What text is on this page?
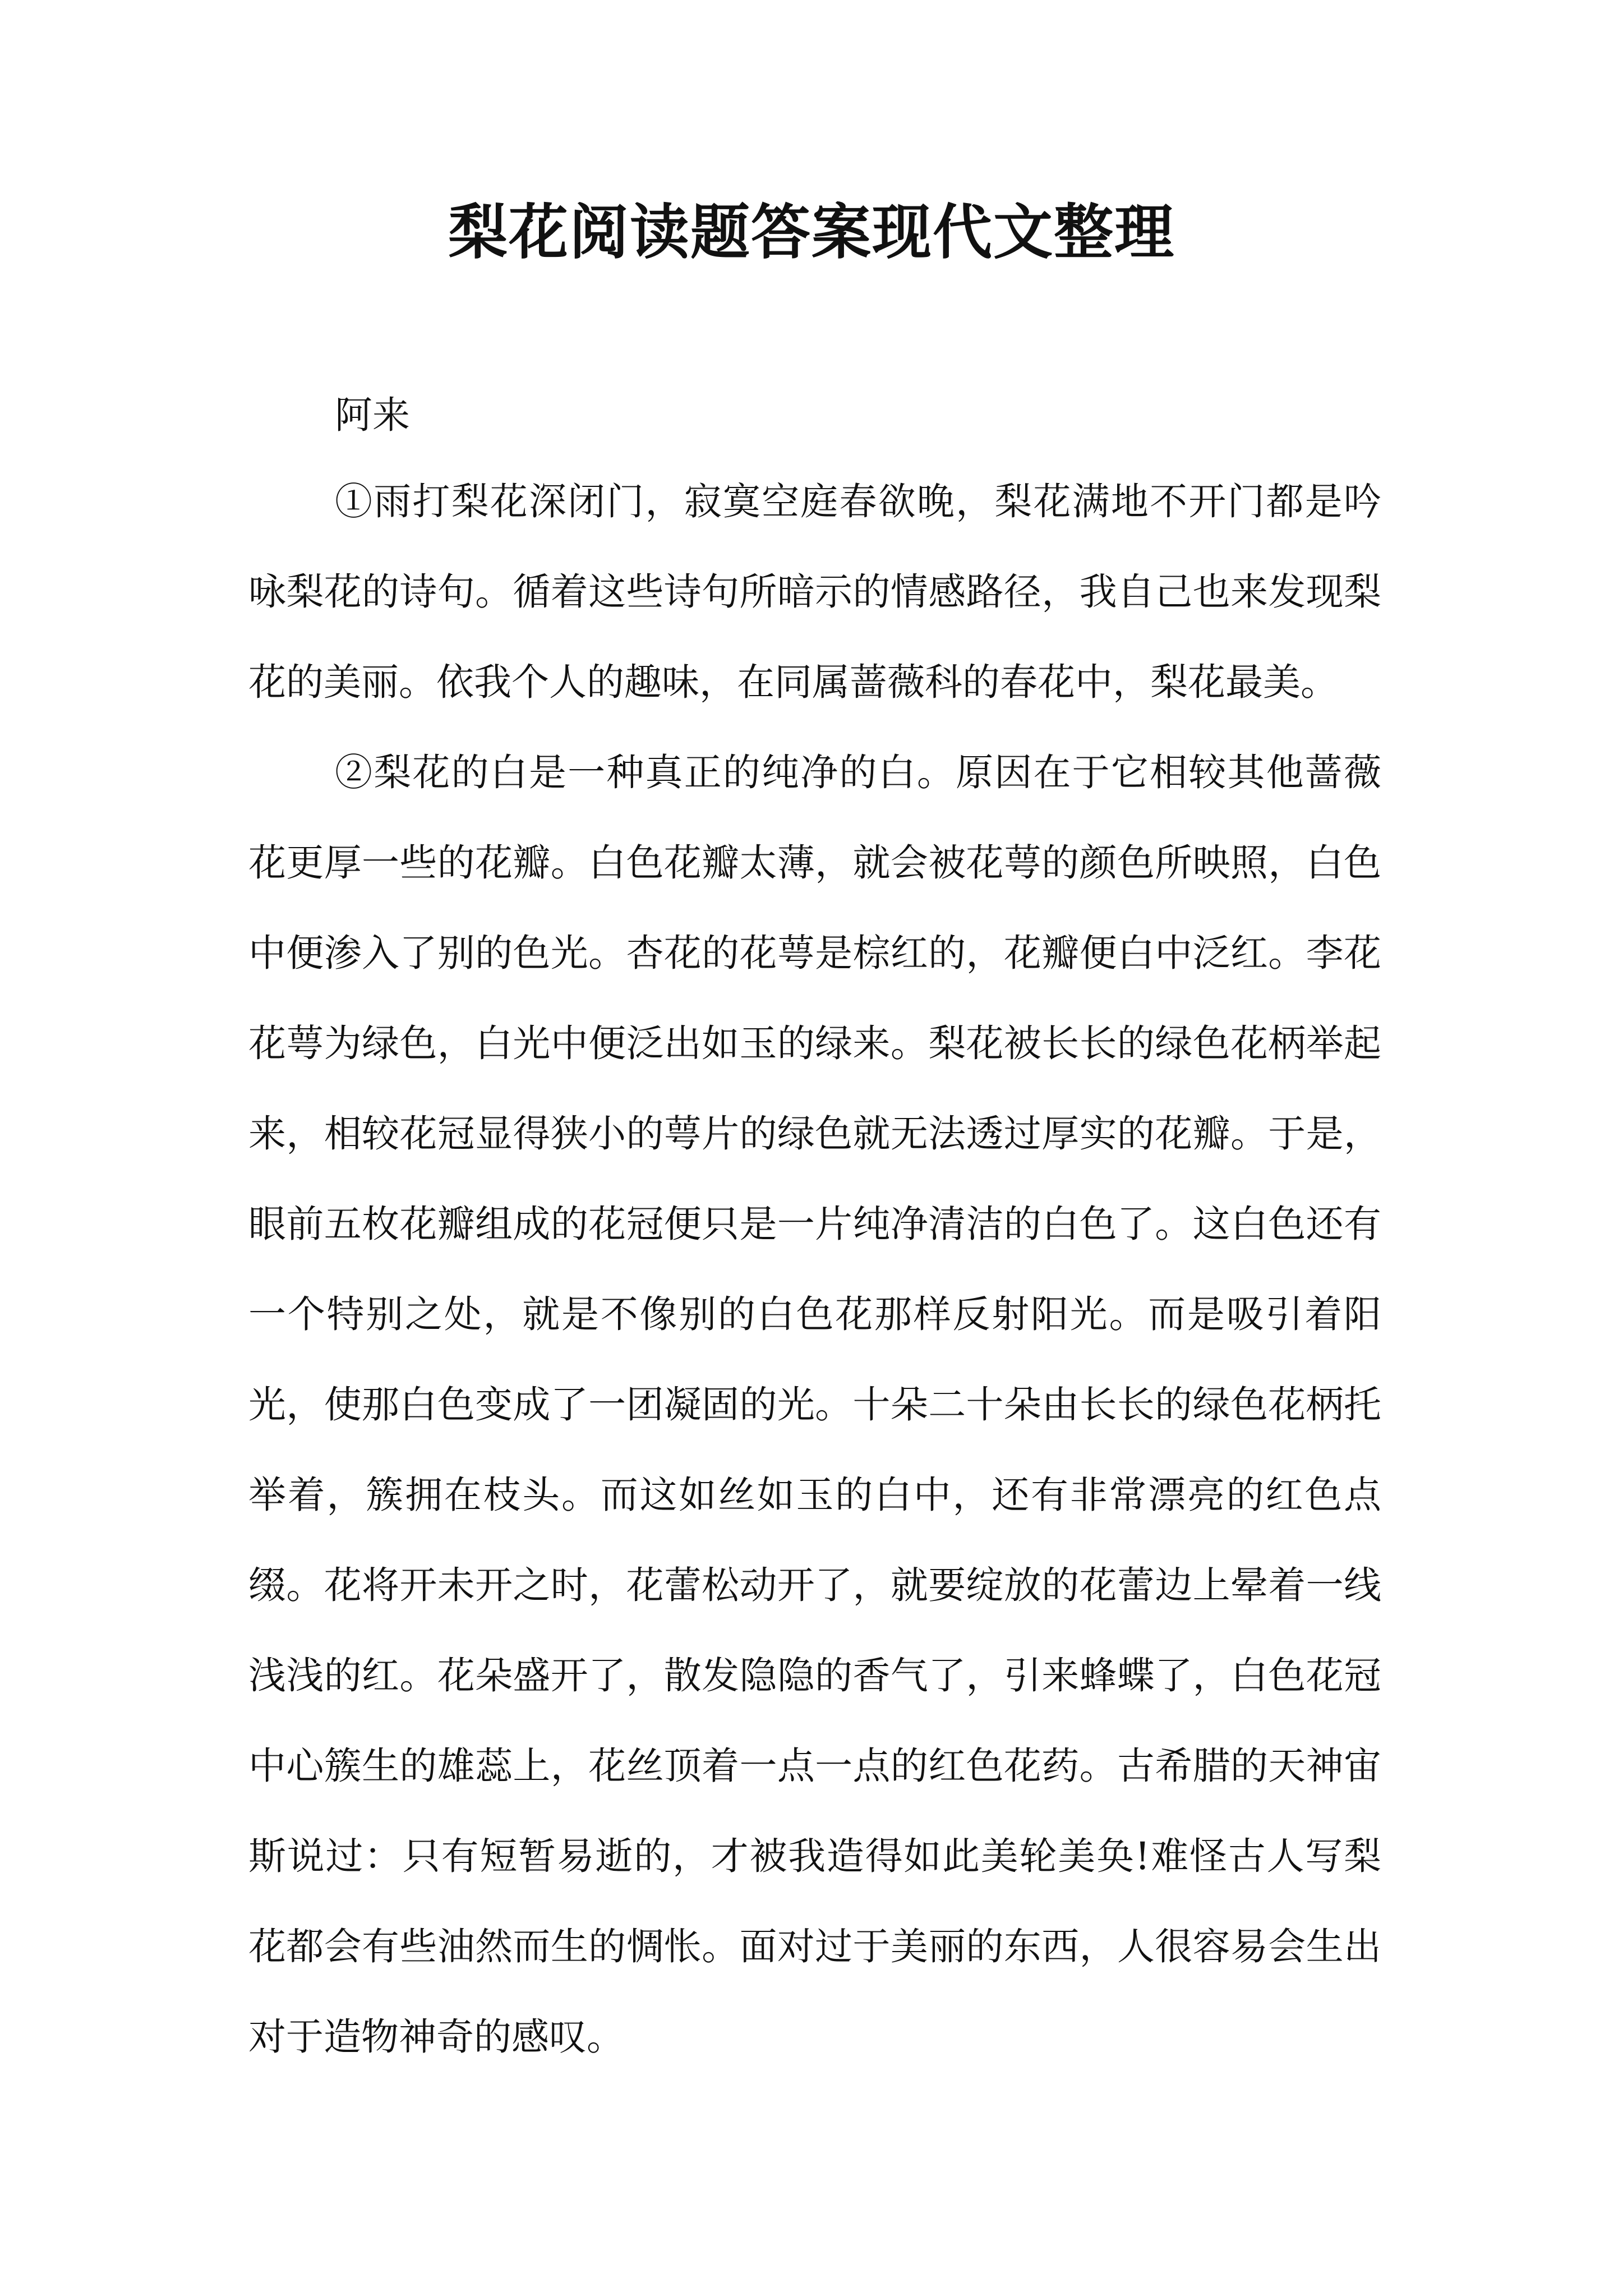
梨花阅读题答案现代文整理

阿来

①雨打梨花深闭门，寂寞空庭春欲晚，梨花满地不开门都是吟咏梨花的诗句。循着这些诗句所暗示的情感路径，我自己也来发现梨花的美丽。依我个人的趣味，在同属蔷薇科的春花中，梨花最美。

②梨花的白是一种真正的纯净的白。原因在于它相较其他蔷薇花更厚一些的花瓣。白色花瓣太薄，就会被花萼的颜色所映照，白色中便渗入了别的色光。杏花的花萼是棕红的，花瓣便白中泛红。李花花萼为绿色，白光中便泛出如玉的绿来。梨花被长长的绿色花柄举起来，相较花冠显得狭小的萼片的绿色就无法透过厚实的花瓣。于是，眼前五枚花瓣组成的花冠便只是一片纯净清洁的白色了。这白色还有一个特别之处，就是不像别的白色花那样反射阳光。而是吸引着阳光，使那白色变成了一团凝固的光。十朵二十朵由长长的绿色花柄托举着，簇拥在枝头。而这如丝如玉的白中，还有非常漂亮的红色点缀。花将开未开之时，花蕾松动开了，就要绽放的花蕾边上晕着一线浅浅的红。花朵盛开了，散发隐隐的香气了，引来蜂蝶了，白色花冠中心簇生的雄蕊上，花丝顶着一点一点的红色花药。古希腊的天神宙斯说过：只有短暂易逝的，才被我造得如此美轮美奂!难怪古人写梨花都会有些油然而生的惆怅。面对过于美丽的东西，人很容易会生出对于造物神奇的感叹。
